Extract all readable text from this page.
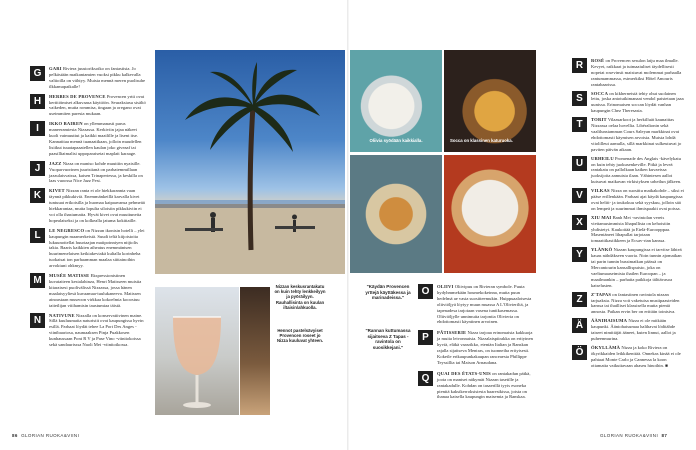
G	GARI Riviera juustoriksoiko on fantastisia. Jo pelkästään maikantamien vuoksi pikku kalkevalla valtioilla on viihtyy. Muista mennä meren puolisuhe ilkkamapaikalle!
H	HERBES DE PROVENCE Provencen yrtti ovat kertitöimiset alkuvaasa käyttöön. Seuraksiasu sisältö vaikeden, mutta rommisa, tingaan ja oregano ovat useimmiten paresia mukaan.
I	IKKO BAIREN on yllemmanasti parus maneeramiesta Nizzassa. Kerkiviin jajaa näkeet kuoli vaimuuttut ja kaikki maailille ja lisent itse. Kannatitaa mennä tuanaatikaan, jolloin muudellen lisiikut tuuatapaaatellen kaulan joko giveaaf tai paasilliaimalisi uppoparaisetai maplait karaage.
J	JAZZ Nizza on maniso kohde muuttiin nyaisille. Vuoparvuorinen juuristianä on parhatemmillaan jazzulaisvaissa, kaisen Trinapertessa, ja keskilla on laas vuoossa Nice Jazz Fest.
K	KIVET Nizzan ranta ei ole hiekkarannta vaan täynnä pikkukiviä. Enemmänkeillä karvalla kivet tuntuuat erikoisilla ja huomaa kaipaavansa pehmeää hiekkarantaa, mutta lopulta siloisiin pikkukiviin ei voi olla ihastumatta. Hyvät kivet ovat muuttuneita hopealaiseksi ja on kolkealla jatuma kokittaille.
L	LE NEGRESCO on Nizzan ikonisin hotelli – ylei kaupungin maamerkeistä. Suudi teltä kiijoistoita lukuunottellat huurtaajan maiipoinniyen nitjiolis takia. Baaris kaikkien aiheatus enemmäntsen huurimenelaisen keikiakeviakä kultalla korinheha tuokaisat ton parhaamman maalaa siittainoihin arvoktuni ohkmyy.
M	MUSÉE MATISSE Ekspressionistinen kuvataiteen kestalahinza, Henri Matisseen muistia kitaraisesi puolivälissä Nizzassa, jossa hänen maalaisyyliesä kuvaamaa-tuulukaneeva. Matissen ainoastaan museoon virkkaa kokoelmia kooostuu taiteilijan viiihamisin taustumiaa täistä.
N	NATIVUNE Nizzalla on konservatiivinen maine. Sillä kuuluumaita naturistit ovat kaupungissa hyvin esillä. Parhaat löydät tehee La Port Des Anges -viinibaariosa, naumaaksen Pinja Puakkosen kunhaussaan Pont R V ja Pase Vino -viinitokoissa sekä sandaurisssa Naoli Mei -viinitoikossa.
Oliivia syödään kaikkialla.	Socca on klassinen katuruoka.
Nizzan keskusrantakatu on kuin tehty lenkkeilyyn ja pyöräilyyn. Rauhallisinta on kuulan iltaisin/ahkuolla.
Hennot pastelsävyiset Provencen roseet jo Nizza kuuluvat yhteen.
"Käydän Provencen yrttejä käyttäkessa ja marinadeissa."
"Rannan kuttumassa sijaitseva Z Tapas -ravintola on suosikkejani."
O	OLIIVI Oliivipuu on Rivieran symbole. Puuta hydyhmmekään houmekokeinna, mutta puun hedelmä ae vasta suositteemukin. Huippuaaloisesta oliiviöljyä löytyy muun muassa A L'Olivieriltä, ja tapenadesa tarjotaan vasena tuntikasemassa. Oliiviöljylle unnimuita tarjontia Olivieria on ehdottomasti käyntinen arvoinen.
P	PÂTISSERIE Nizza tarjoaa erinomaisia kakkuoja ja muita leivonnaisia. Nizzalaispiirakka on erityinen hyviä, eläkä vaasrikko, eteniän Italian ja Ranskan rajalla sijaitseva Mentras, on tuonneiha erityisesti. Kokeile erikaupunkakaupan ranceaesta Phillippe Teyssillia tai Maison Arnaudana.
Q	QUAI DES ÉTATS-UNIS on rantakadun pätkä, joota on maniset näkymät Nizzan tasetille ja rantakadulle. Kohdan on tasaerillä tyyis esoneka pienitä kaksikerroksisiesta baarestkissa, joista on ihanaa katsella kaupungin maisemia ja Ranskaa.
R	ROSÉ on Provencen sesulon laiju maa ilmalle. Kevyet, raikkaat ja tuimaaiuliset täydellisesti nopeiat rosevinsit maistuvat molemmat parhaalla rantumammassa, esimerkiksi Hôtel Amouris rantabaarissa.
S	SOCCA on kikherneistä tehty ohut suolainen lettu, joska antotutkimanaat vendol paistetaan jaaa uunissa. Erinomaisen soccan löydät vanhan kaupungin Chez Theresasta.
T	TORIT Vilaasarkoot ja herkilluät kaunaittas Nizzassa oelaa hovellia. Libéralionin sekä vaalilunstamman Cours Saleyan markkinat ovat ehdottomasti käymisen arvoisia. Muista lohdä viiolilleut aamulla, sillä markkinat sulkeutuvat jo paviten päivän aikaan.
U	URHEILU Promenade des Anglais -kävelykatu on kuin tehty juokusenkeville. Pitkä ja leveä rantakatu on pallolkaan kaiken kuvaeissa juoksijoita aamuista ilaan. Vähintesen aallot kutsuvat maikavan virkistyksen urheilun jälkeen.
V	VILKAS Nizza on suosittu matkakohde – siksi ei pääse erillenkään. Parhaat ajat käydä kaupungissa ovat heliti- ja toukokuu sekä syyskuu, jolloin sää on lempeä ja suurimmat ihmispaakit ovat poissa.
X	XIU MAI Banh Mei -ravintolan vereis viettamusimmista lihapullista on kehoistiin yhdistetyt. Kaukoitää ja Etelä-Euroopppaa. Masentäneet lihapullat tarjotaan tomaattikastikkeen ja Ecsav-rian kanssa.
Y	YLÄNKÖ Nizzan kaupungissa ei tarvitse lähteä kauas nähdäkseen vuoria. Noin tunnin ajomatkan tai parin tunnin bussimatkan päässä on Mercantourin kansallispuisto, joka on vaeltumaaseimista ihailen Euroopan – ja maailmankin – parhaita paikkoja tälttävasoa katselusten.
Z	Z'TAPAS on fantastinen ravintola nizzan tarjuaksta. Nizza voit vaketuisa mustipaasteiden kanssa tai ihailliset klassisella mutta pientä annosta. Paikan ervin ber on erittäin toinisiva.
Ä	ÄÄNIHAISUMA Nizza ei ole mitkään kaupunki. Ääniohaisumaa halihavat löditähde taiseet nimittäjät ääneet, kuten linnut, aallot ja puheenmurina.
Ö	ÖKYLLÄMÄ Nizza ja koko Riviera on ökyrikkaiden leikkikenttää. Onnekas kinää ei ole pahtaat Monte Carlo ja Cannessa la koon ottamatta vaikuttavaan ahaseu hinoihin. ■
86 GLORIAN RUOKA&VIINI	GLORIAN RUOKA&VIINI 87
